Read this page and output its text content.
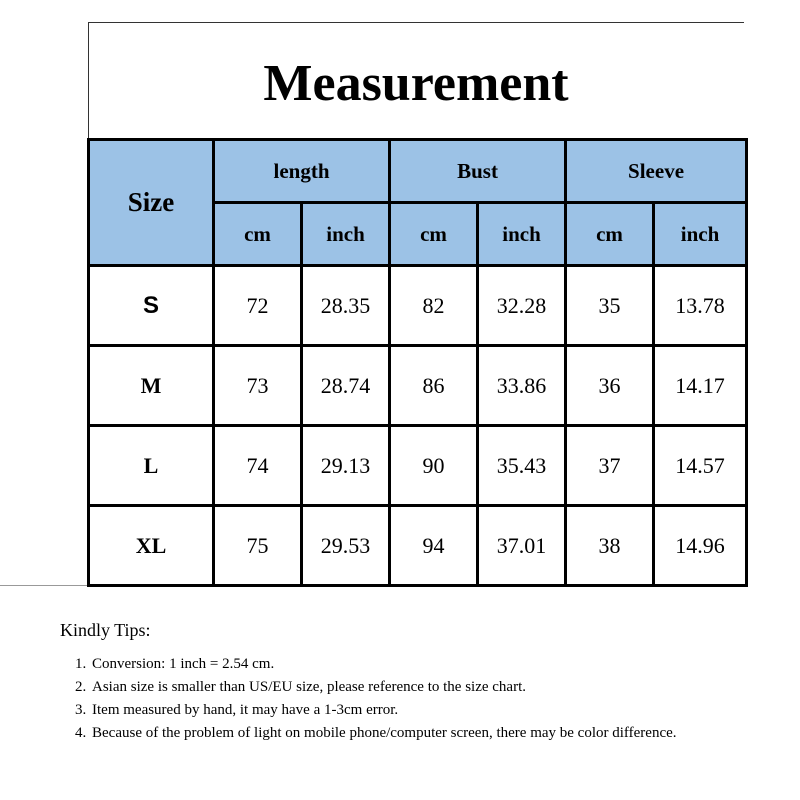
Measurement
Size	length		Bust		Sleeve	
	cm	inch	cm	inch	cm	inch
S	72	28.35	82	32.28	35	13.78
M	73	28.74	86	33.86	36	14.17
L	74	29.13	90	35.43	37	14.57
XL	75	29.53	94	37.01	38	14.96

Kindly Tips:

1. Conversion: 1 inch = 2.54 cm.
2. Asian size is smaller than US/EU size, please reference to the size chart.
3. Item measured by hand, it may have a 1-3cm error.
4. Because of the problem of light on mobile phone/computer screen, there may be color difference.
